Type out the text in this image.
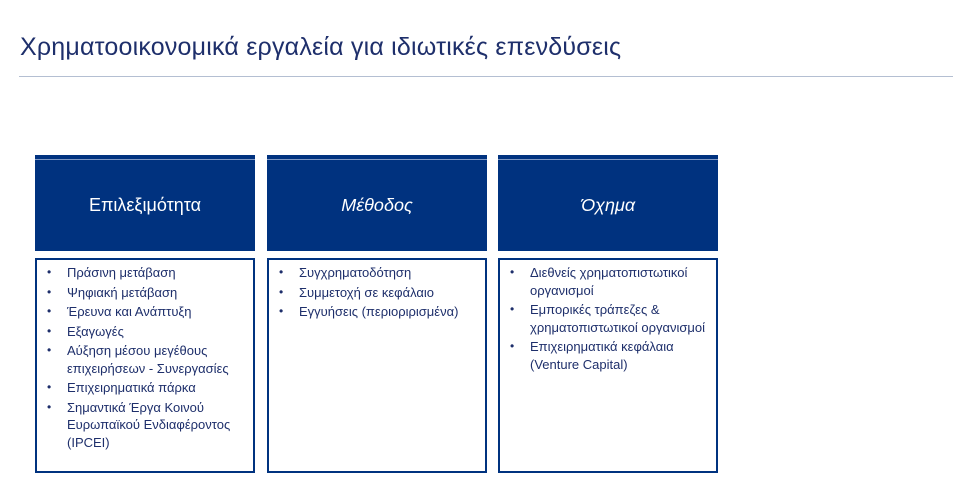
Χρηματοοικονομικά εργαλεία για ιδιωτικές επενδύσεις
Επιλεξιμότητα
• Πράσινη μετάβαση
• Ψηφιακή μετάβαση
• Έρευνα και Ανάπτυξη
• Εξαγωγές
• Αύξηση μέσου μεγέθους επιχειρήσεων - Συνεργασίες
• Επιχειρηματικά πάρκα
• Σημαντικά Έργα Κοινού Ευρωπαϊκού Ενδιαφέροντος (IPCEI)
Μέθοδος
• Συγχρηματοδότηση
• Συμμετοχή σε κεφάλαιο
• Εγγυήσεις (περιοριρισμένα)
Όχημα
• Διεθνείς χρηματοπιστωτικοί οργανισμοί
• Εμπορικές τράπεζες & χρηματοπιστωτικοί οργανισμοί
• Επιχειρηματικά κεφάλαια (Venture Capital)
